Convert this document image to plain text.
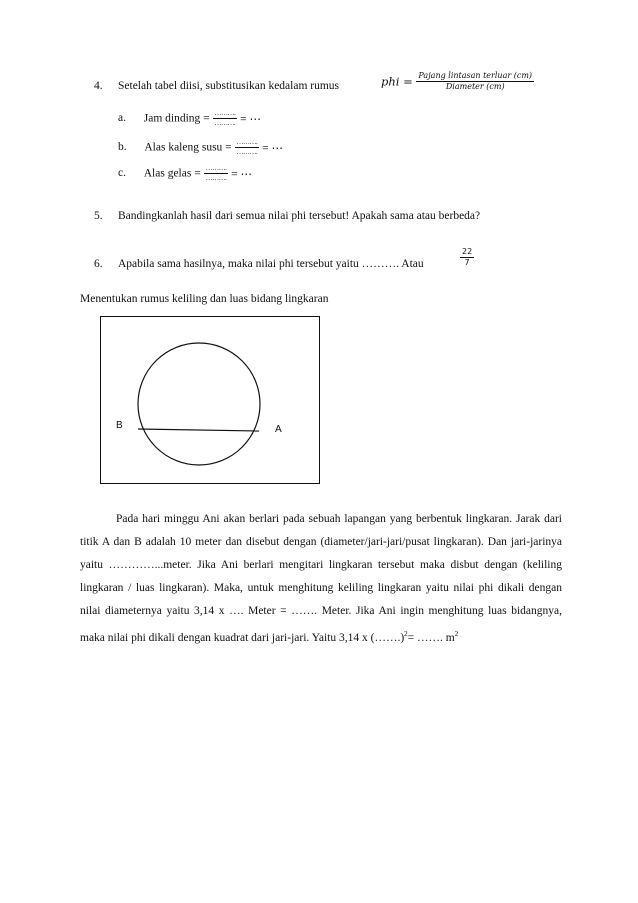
4. Setelah tabel diisi, substitusikan kedalam rumus	phi = $\frac{\text{Pajang lintasan terluar (cm)}}{\text{Diameter (cm)}}$
a. Jam dinding = $\frac{\dots\dots\dots.}{\dots\dots\dots.}$ = ⋯
b. Alas kaleng susu = $\frac{\dots\dots\dots.}{\dots\dots\dots.}$ = ⋯
c. Alas gelas = $\frac{\dots\dots\dots.}{\dots\dots\dots.}$ = ⋯
5. Bandingkanlah hasil dari semua nilai phi tersebut! Apakah sama atau berbeda?
6. Apabila sama hasilnya, maka nilai phi tersebut yaitu ………. Atau	$\frac{22}{7}$
Menentukan rumus keliling dan luas bidang lingkaran
B	A

Pada hari minggu Ani akan berlari pada sebuah lapangan yang berbentuk lingkaran. Jarak dari titik A dan B adalah 10 meter dan disebut dengan (diameter/jari-jari/pusat lingkaran). Dan jari-jarinya yaitu …………...meter. Jika Ani berlari mengitari lingkaran tersebut maka disbut dengan (keliling lingkaran / luas lingkaran). Maka, untuk menghitung keliling lingkaran yaitu nilai phi dikali dengan nilai diameternya yaitu 3,14 x …. Meter = ……. Meter. Jika Ani ingin menghitung luas bidangnya, maka nilai phi dikali dengan kuadrat dari jari-jari. Yaitu 3,14 x (…….)$^2$= ……. $m^2$
